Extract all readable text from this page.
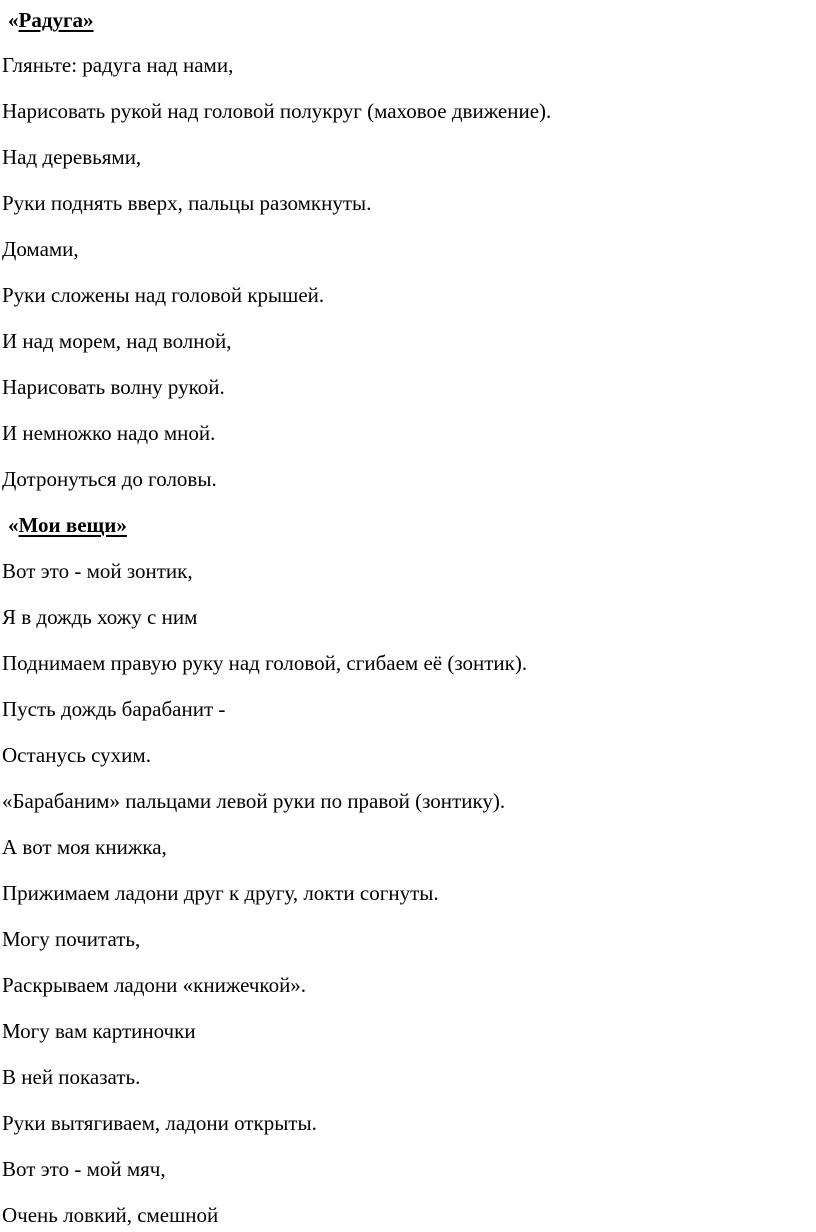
«Радуга»
Гляньте: радуга над нами,
Нарисовать рукой над головой полукруг (маховое движение).
Над деревьями,
Руки поднять вверх, пальцы разомкнуты.
Домами,
Руки сложены над головой крышей.
И над морем, над волной,
Нарисовать волну рукой.
И немножко надо мной.
Дотронуться до головы.
«Мои вещи»
Вот это - мой зонтик,
Я в дождь хожу с ним
Поднимаем правую руку над головой, сгибаем её (зонтик).
Пусть дождь барабанит -
Останусь сухим.
«Барабаним» пальцами левой руки по правой (зонтику).
А вот моя книжка,
Прижимаем ладони друг к другу, локти согнуты.
Могу почитать,
Раскрываем ладони «книжечкой».
Могу вам картиночки
В ней показать.
Руки вытягиваем, ладони открыты.
Вот это - мой мяч,
Очень ловкий, смешной
